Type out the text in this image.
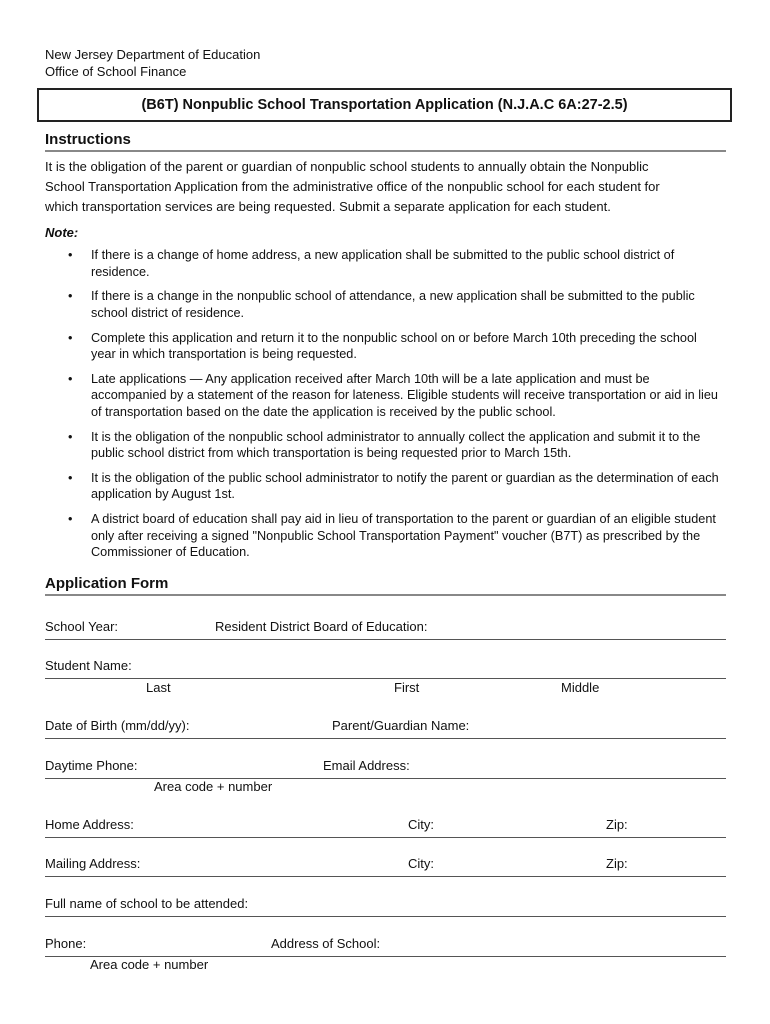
New Jersey Department of Education
Office of School Finance
(B6T) Nonpublic School Transportation Application (N.J.A.C 6A:27-2.5)
Instructions
It is the obligation of the parent or guardian of nonpublic school students to annually obtain the Nonpublic
School Transportation Application from the administrative office of the nonpublic school for each student for
which transportation services are being requested. Submit a separate application for each student.
Note:
• If there is a change of home address, a new application shall be submitted to the public school district of residence.
• If there is a change in the nonpublic school of attendance, a new application shall be submitted to the public school district of residence.
• Complete this application and return it to the nonpublic school on or before March 10th preceding the school year in which transportation is being requested.
• Late applications — Any application received after March 10th will be a late application and must be accompanied by a statement of the reason for lateness. Eligible students will receive transportation or aid in lieu of transportation based on the date the application is received by the public school.
• It is the obligation of the nonpublic school administrator to annually collect the application and submit it to the public school district from which transportation is being requested prior to March 15th.
• It is the obligation of the public school administrator to notify the parent or guardian as the determination of each application by August 1st.
• A district board of education shall pay aid in lieu of transportation to the parent or guardian of an eligible student only after receiving a signed "Nonpublic School Transportation Payment" voucher (B7T) as prescribed by the Commissioner of Education.
Application Form
School Year:	Resident District Board of Education:
Student Name:
Last	First	Middle
Date of Birth (mm/dd/yy):	Parent/Guardian Name:
Daytime Phone:	Email Address:
Area code + number
Home Address:	City:	Zip:
Mailing Address:	City:	Zip:
Full name of school to be attended:
Phone:	Address of School:
Area code + number
